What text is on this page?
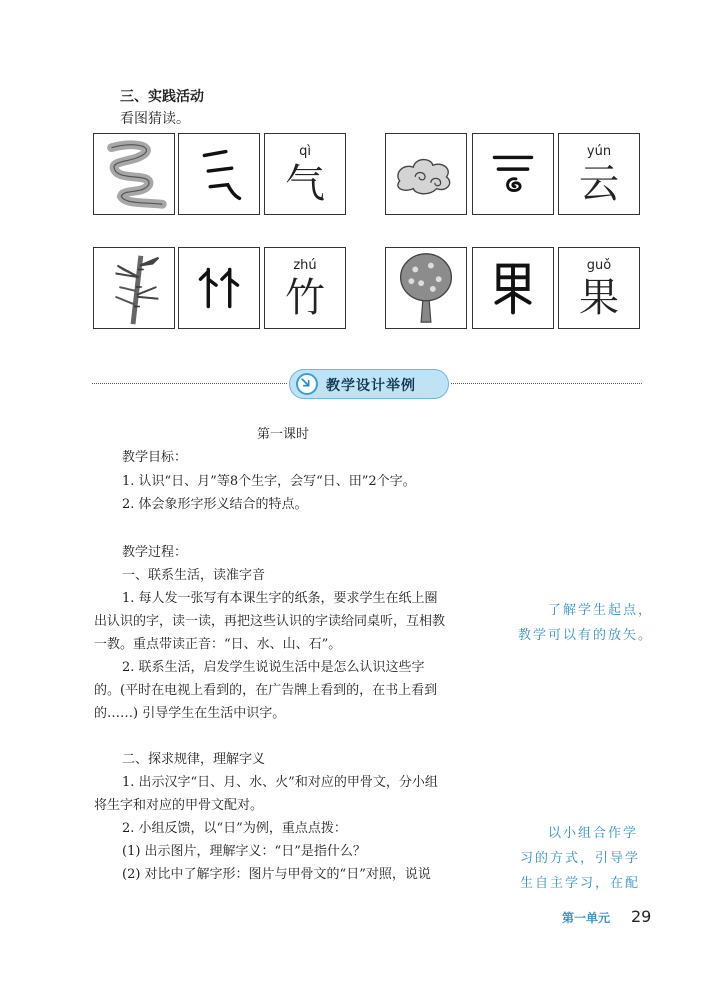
三、实践活动
看图猜读。
qì
气
yún
云
zhú
竹
guǒ
果
教学设计举例
第一课时
教学目标：
1. 认识“日、月”等8个生字，会写“日、田”2个字。
2. 体会象形字形义结合的特点。
教学过程：
一、联系生活，读准字音
1. 每人发一张写有本课生字的纸条，要求学生在纸上圈
出认识的字，读一读，再把这些认识的字读给同桌听，互相教
一教。重点带读正音：“日、水、山、石”。
2. 联系生活，启发学生说说生活中是怎么认识这些字
的。(平时在电视上看到的，在广告牌上看到的，在书上看到
的……) 引导学生在生活中识字。
二、探求规律，理解字义
1. 出示汉字“日、月、水、火”和对应的甲骨文，分小组
将生字和对应的甲骨文配对。
2. 小组反馈，以“日”为例，重点点拨：
(1) 出示图片，理解字义：“日”是指什么？
(2) 对比中了解字形：图片与甲骨文的“日”对照，说说
了解学生起点，
教学可以有的放矢。
以小组合作学
习的方式，引导学
生自主学习，在配
第一单元 29
